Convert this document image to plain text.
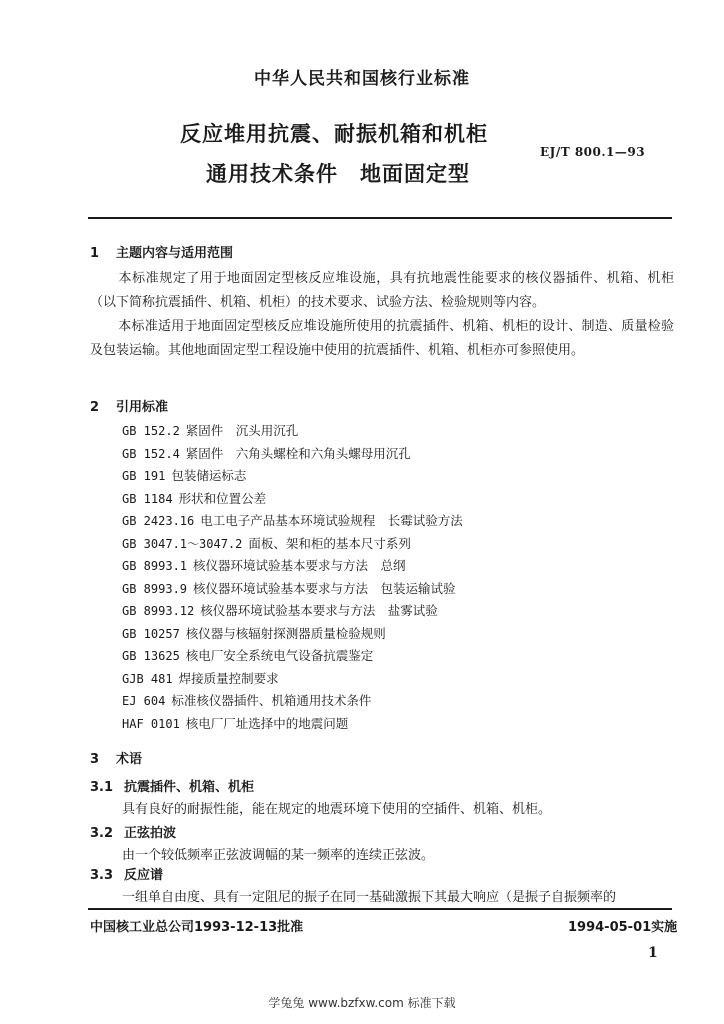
中华人民共和国核行业标准
反应堆用抗震、耐振机箱和机柜
通用技术条件　地面固定型
EJ/T 800.1—93
1 主题内容与适用范围
本标准规定了用于地面固定型核反应堆设施，具有抗地震性能要求的核仪器插件、机箱、机柜（以下简称抗震插件、机箱、机柜）的技术要求、试验方法、检验规则等内容。
本标准适用于地面固定型核反应堆设施所使用的抗震插件、机箱、机柜的设计、制造、质量检验及包装运输。其他地面固定型工程设施中使用的抗震插件、机箱、机柜亦可参照使用。
2 引用标准
GB 152.2 紧固件　沉头用沉孔
GB 152.4 紧固件　六角头螺栓和六角头螺母用沉孔
GB 191 包装储运标志
GB 1184 形状和位置公差
GB 2423.16 电工电子产品基本环境试验规程　长霉试验方法
GB 3047.1～3047.2 面板、架和柜的基本尺寸系列
GB 8993.1 核仪器环境试验基本要求与方法　总纲
GB 8993.9 核仪器环境试验基本要求与方法　包装运输试验
GB 8993.12 核仪器环境试验基本要求与方法　盐雾试验
GB 10257 核仪器与核辐射探测器质量检验规则
GB 13625 核电厂安全系统电气设备抗震鉴定
GJB 481 焊接质量控制要求
EJ 604 标准核仪器插件、机箱通用技术条件
HAF 0101 核电厂厂址选择中的地震问题
3 术语
3.1 抗震插件、机箱、机柜
具有良好的耐振性能，能在规定的地震环境下使用的空插件、机箱、机柜。
3.2 正弦拍波
由一个较低频率正弦波调幅的某一频率的连续正弦波。
3.3 反应谱
一组单自由度、具有一定阻尼的振子在同一基础激振下其最大响应（是振子自振频率的
中国核工业总公司1993-12-13批准	1994-05-01实施
1
学兔兔 www.bzfxw.com 标准下载
